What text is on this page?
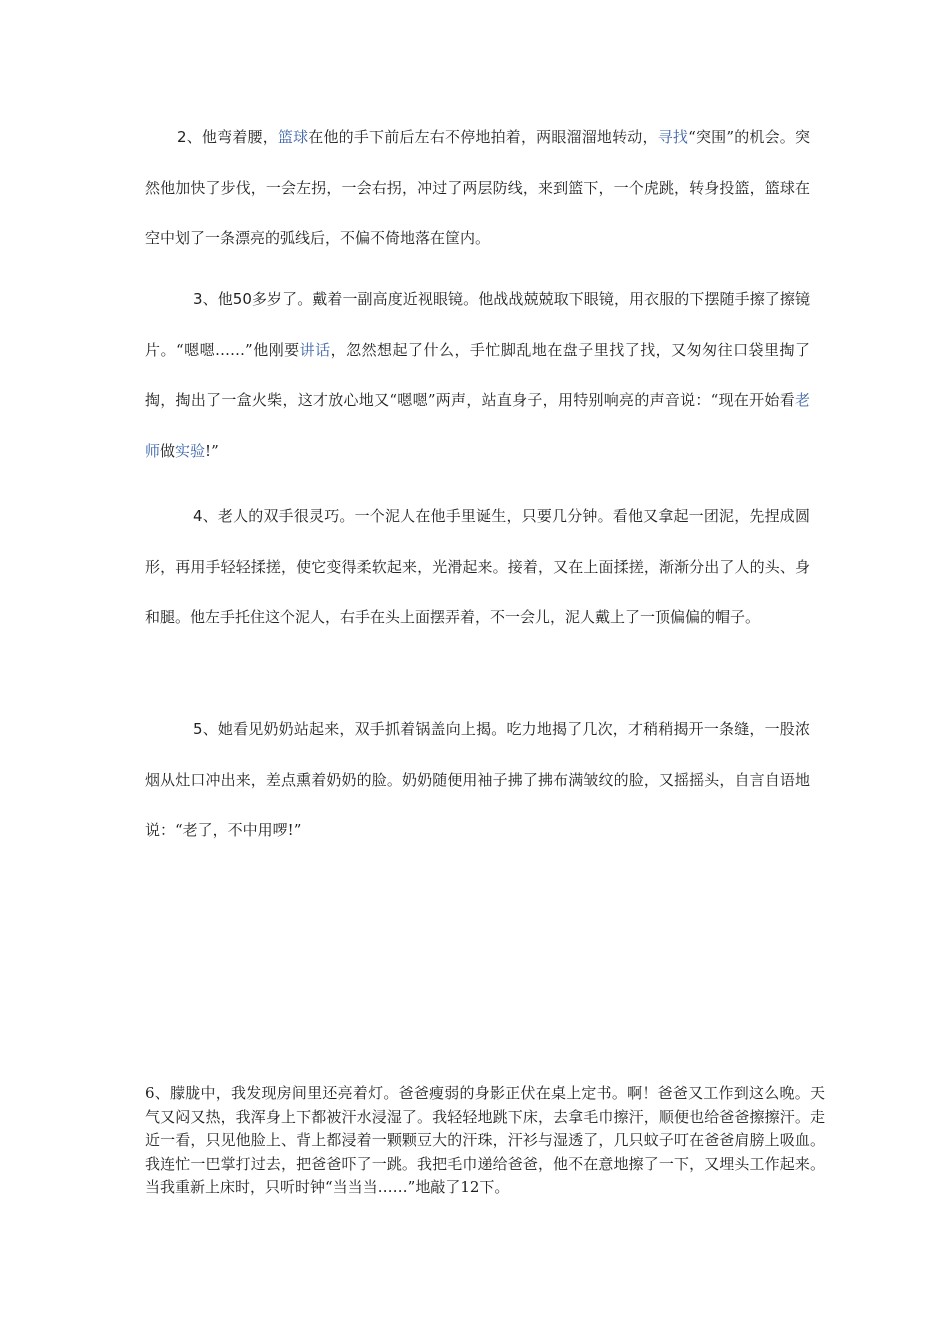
2、他弯着腰，篮球在他的手下前后左右不停地拍着，两眼溜溜地转动，寻找“突围”的机会。突然他加快了步伐，一会左拐，一会右拐，冲过了两层防线，来到篮下，一个虎跳，转身投篮，篮球在空中划了一条漂亮的弧线后，不偏不倚地落在筐内。

3、他50多岁了。戴着一副高度近视眼镜。他战战兢兢取下眼镜，用衣服的下摆随手擦了擦镜片。“嗯嗯……”他刚要讲话，忽然想起了什么，手忙脚乱地在盘子里找了找，又匆匆往口袋里掏了掏，掏出了一盒火柴，这才放心地又“嗯嗯”两声，站直身子，用特别响亮的声音说：“现在开始看老师做实验!”

4、老人的双手很灵巧。一个泥人在他手里诞生，只要几分钟。看他又拿起一团泥，先捏成圆形，再用手轻轻揉搓，使它变得柔软起来，光滑起来。接着，又在上面揉搓，渐渐分出了人的头、身和腿。他左手托住这个泥人，右手在头上面摆弄着，不一会儿，泥人戴上了一顶偏偏的帽子。

5、她看见奶奶站起来，双手抓着锅盖向上揭。吃力地揭了几次，才稍稍揭开一条缝，一股浓烟从灶口冲出来，差点熏着奶奶的脸。奶奶随便用袖子拂了拂布满皱纹的脸，又摇摇头，自言自语地说：“老了，不中用啰!”

6、朦胧中，我发现房间里还亮着灯。爸爸瘦弱的身影正伏在桌上定书。啊！爸爸又工作到这么晚。天气又闷又热，我浑身上下都被汗水浸湿了。我轻轻地跳下床，去拿毛巾擦汗，顺便也给爸爸擦擦汗。走近一看，只见他脸上、背上都浸着一颗颗豆大的汗珠，汗衫与湿透了，几只蚊子叮在爸爸肩膀上吸血。我连忙一巴掌打过去，把爸爸吓了一跳。我把毛巾递给爸爸，他不在意地擦了一下，又埋头工作起来。当我重新上床时，只听时钟“当当当……”地敲了12下。
